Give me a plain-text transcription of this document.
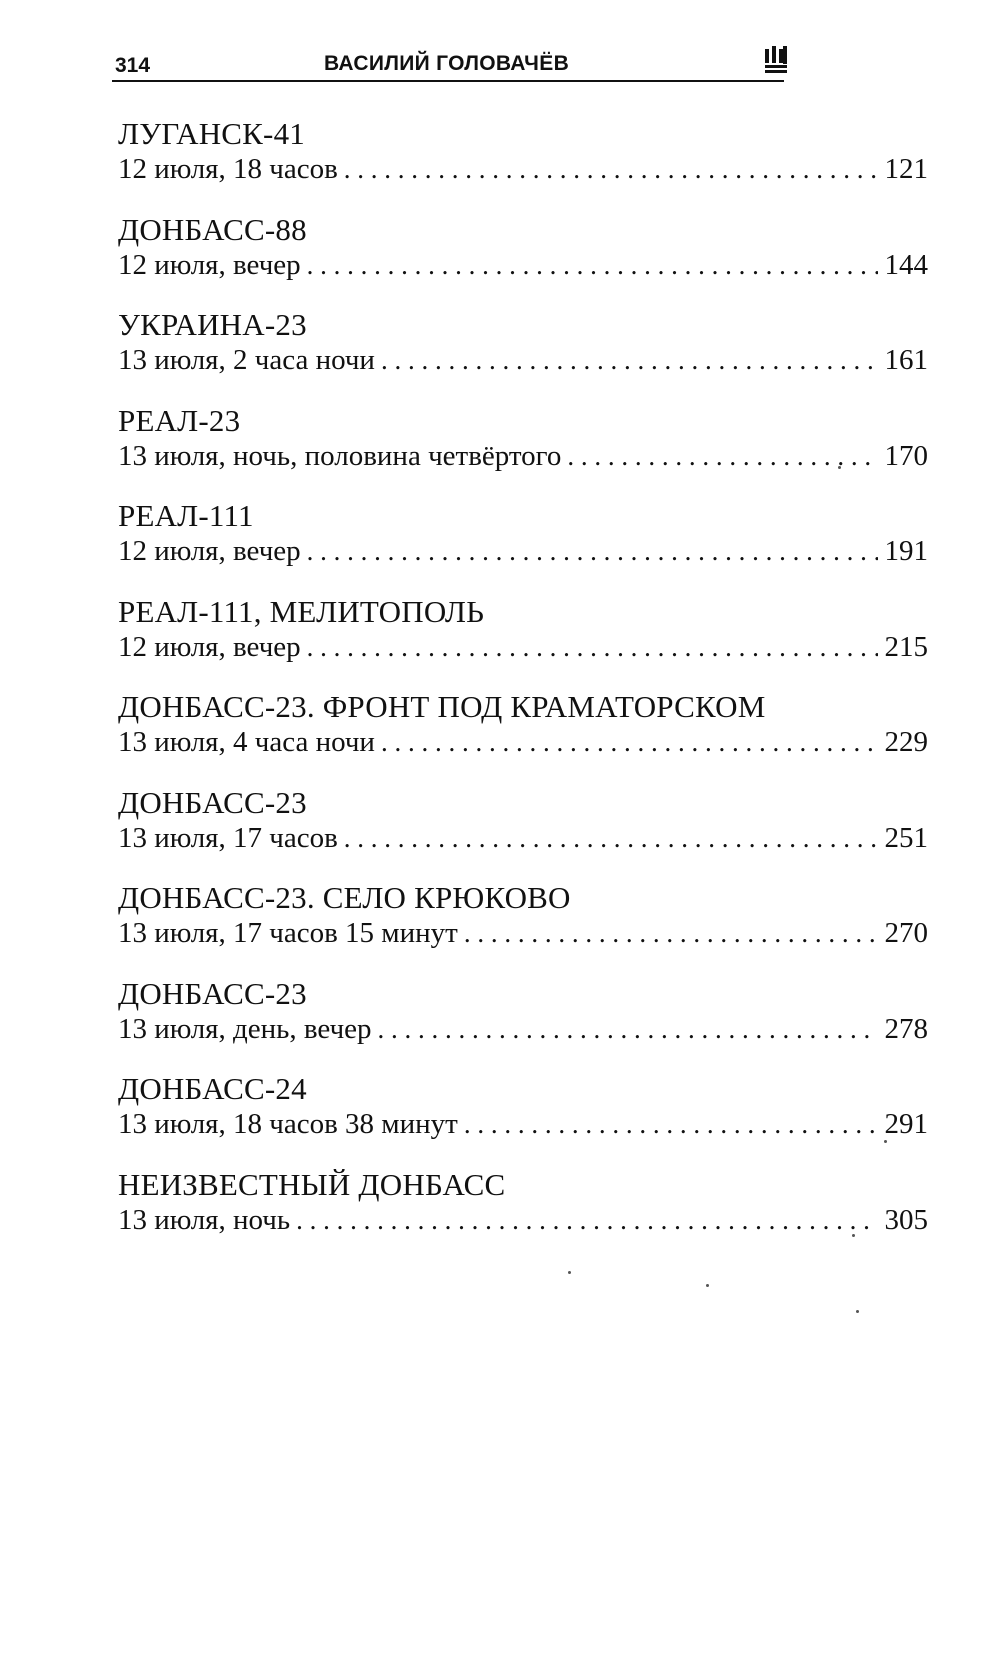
314	ВАСИЛИЙ ГОЛОВАЧЁВ
ЛУГАНСК-41
12 июля, 18 часов . . .	121
ДОНБАСС-88
12 июля, вечер . . .	144
УКРАИНА-23
13 июля, 2 часа ночи . . .	161
РЕАЛ-23
13 июля, ночь, половина четвёртого . . .	170
РЕАЛ-111
12 июля, вечер . . .	191
РЕАЛ-111, МЕЛИТОПОЛЬ
12 июля, вечер . . .	215
ДОНБАСС-23. ФРОНТ ПОД КРАМАТОРСКОМ
13 июля, 4 часа ночи . . .	229
ДОНБАСС-23
13 июля, 17 часов . . .	251
ДОНБАСС-23. СЕЛО КРЮКОВО
13 июля, 17 часов 15 минут . . .	270
ДОНБАСС-23
13 июля, день, вечер . . .	278
ДОНБАСС-24
13 июля, 18 часов 38 минут . . .	291
НЕИЗВЕСТНЫЙ ДОНБАСС
13 июля, ночь . . .	305
